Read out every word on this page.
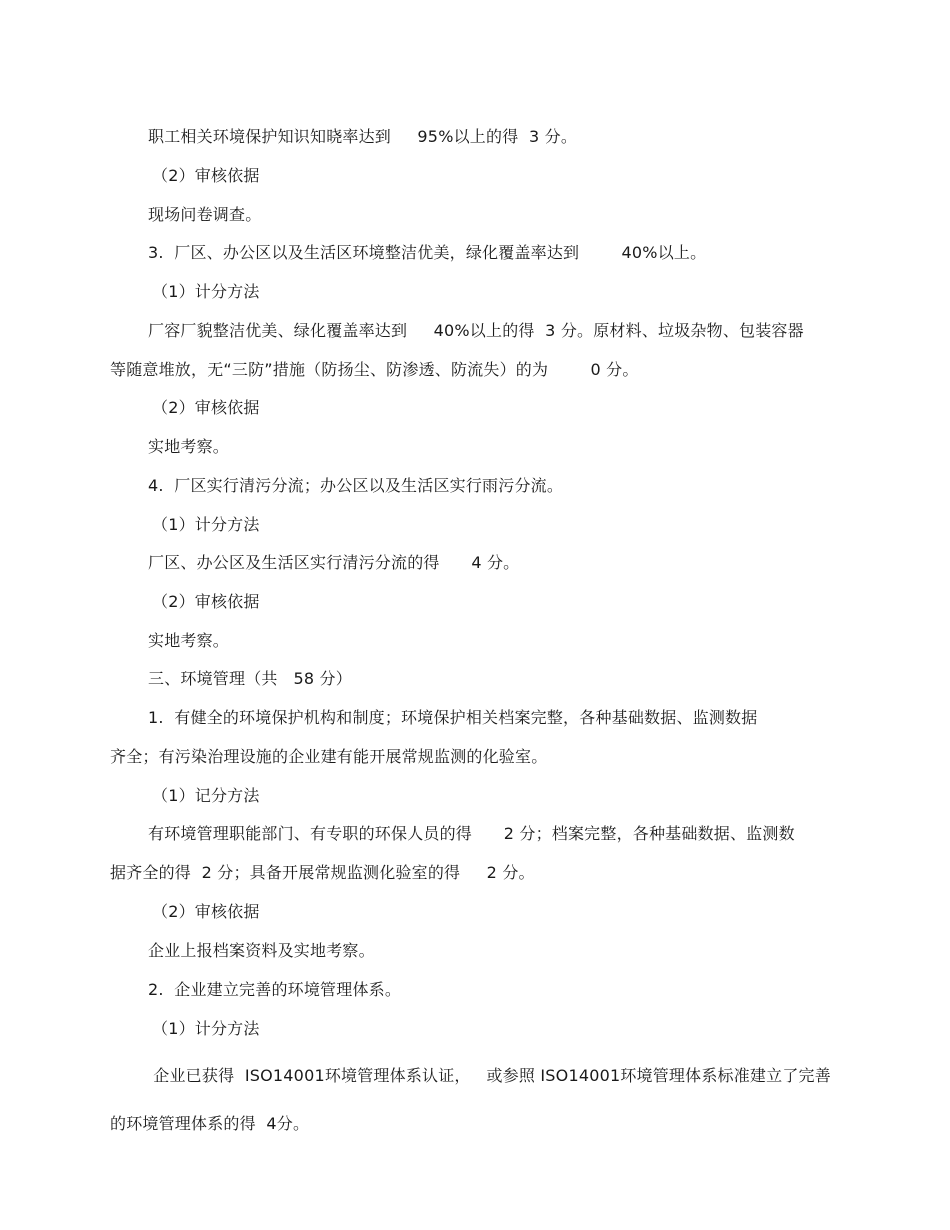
职工相关环境保护知识知晓率达到     95%以上的得  3 分。

（2）审核依据

现场问卷调查。

3.  厂区、办公区以及生活区环境整洁优美，绿化覆盖率达到        40%以上。

（1）计分方法

厂容厂貌整洁优美、绿化覆盖率达到     40%以上的得  3 分。原材料、垃圾杂物、包装容器

等随意堆放，无“三防”措施（防扬尘、防渗透、防流失）的为        0 分。

（2）审核依据

实地考察。

4.  厂区实行清污分流；办公区以及生活区实行雨污分流。

（1）计分方法

厂区、办公区及生活区实行清污分流的得      4 分。

（2）审核依据

实地考察。

三、环境管理（共   58 分）

1.  有健全的环境保护机构和制度；环境保护相关档案完整，各种基础数据、监测数据

齐全；有污染治理设施的企业建有能开展常规监测的化验室。

（1）记分方法

有环境管理职能部门、有专职的环保人员的得      2 分；档案完整，各种基础数据、监测数

据齐全的得  2 分；具备开展常规监测化验室的得     2 分。

（2）审核依据

企业上报档案资料及实地考察。

2.  企业建立完善的环境管理体系。

（1）计分方法

企业已获得  ISO14001环境管理体系认证，   或参照 ISO14001环境管理体系标准建立了完善

的环境管理体系的得  4分。
